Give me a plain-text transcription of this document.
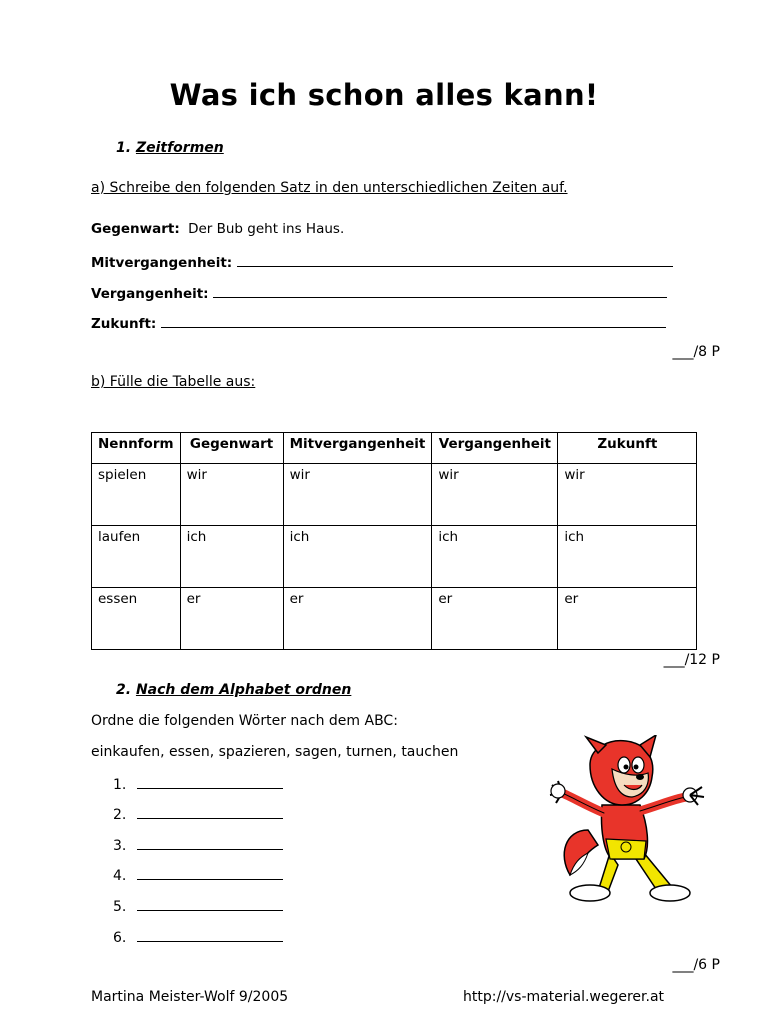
Was ich schon alles kann!
1. Zeitformen
a) Schreibe den folgenden Satz in den unterschiedlichen Zeiten auf.
Gegenwart: Der Bub geht ins Haus.
Mitvergangenheit:
Vergangenheit:
Zukunft:
___/8 P
b) Fülle die Tabelle aus:
Nennform	Gegenwart	Mitvergangenheit	Vergangenheit	Zukunft
spielen	wir	wir	wir	wir
laufen	ich	ich	ich	ich
essen	er	er	er	er
___/12 P
2. Nach dem Alphabet ordnen
Ordne die folgenden Wörter nach dem ABC:
einkaufen, essen, spazieren, sagen, turnen, tauchen
1.
2.
3.
4.
5.
6.
___/6 P
Martina Meister-Wolf 9/2005	http://vs-material.wegerer.at
